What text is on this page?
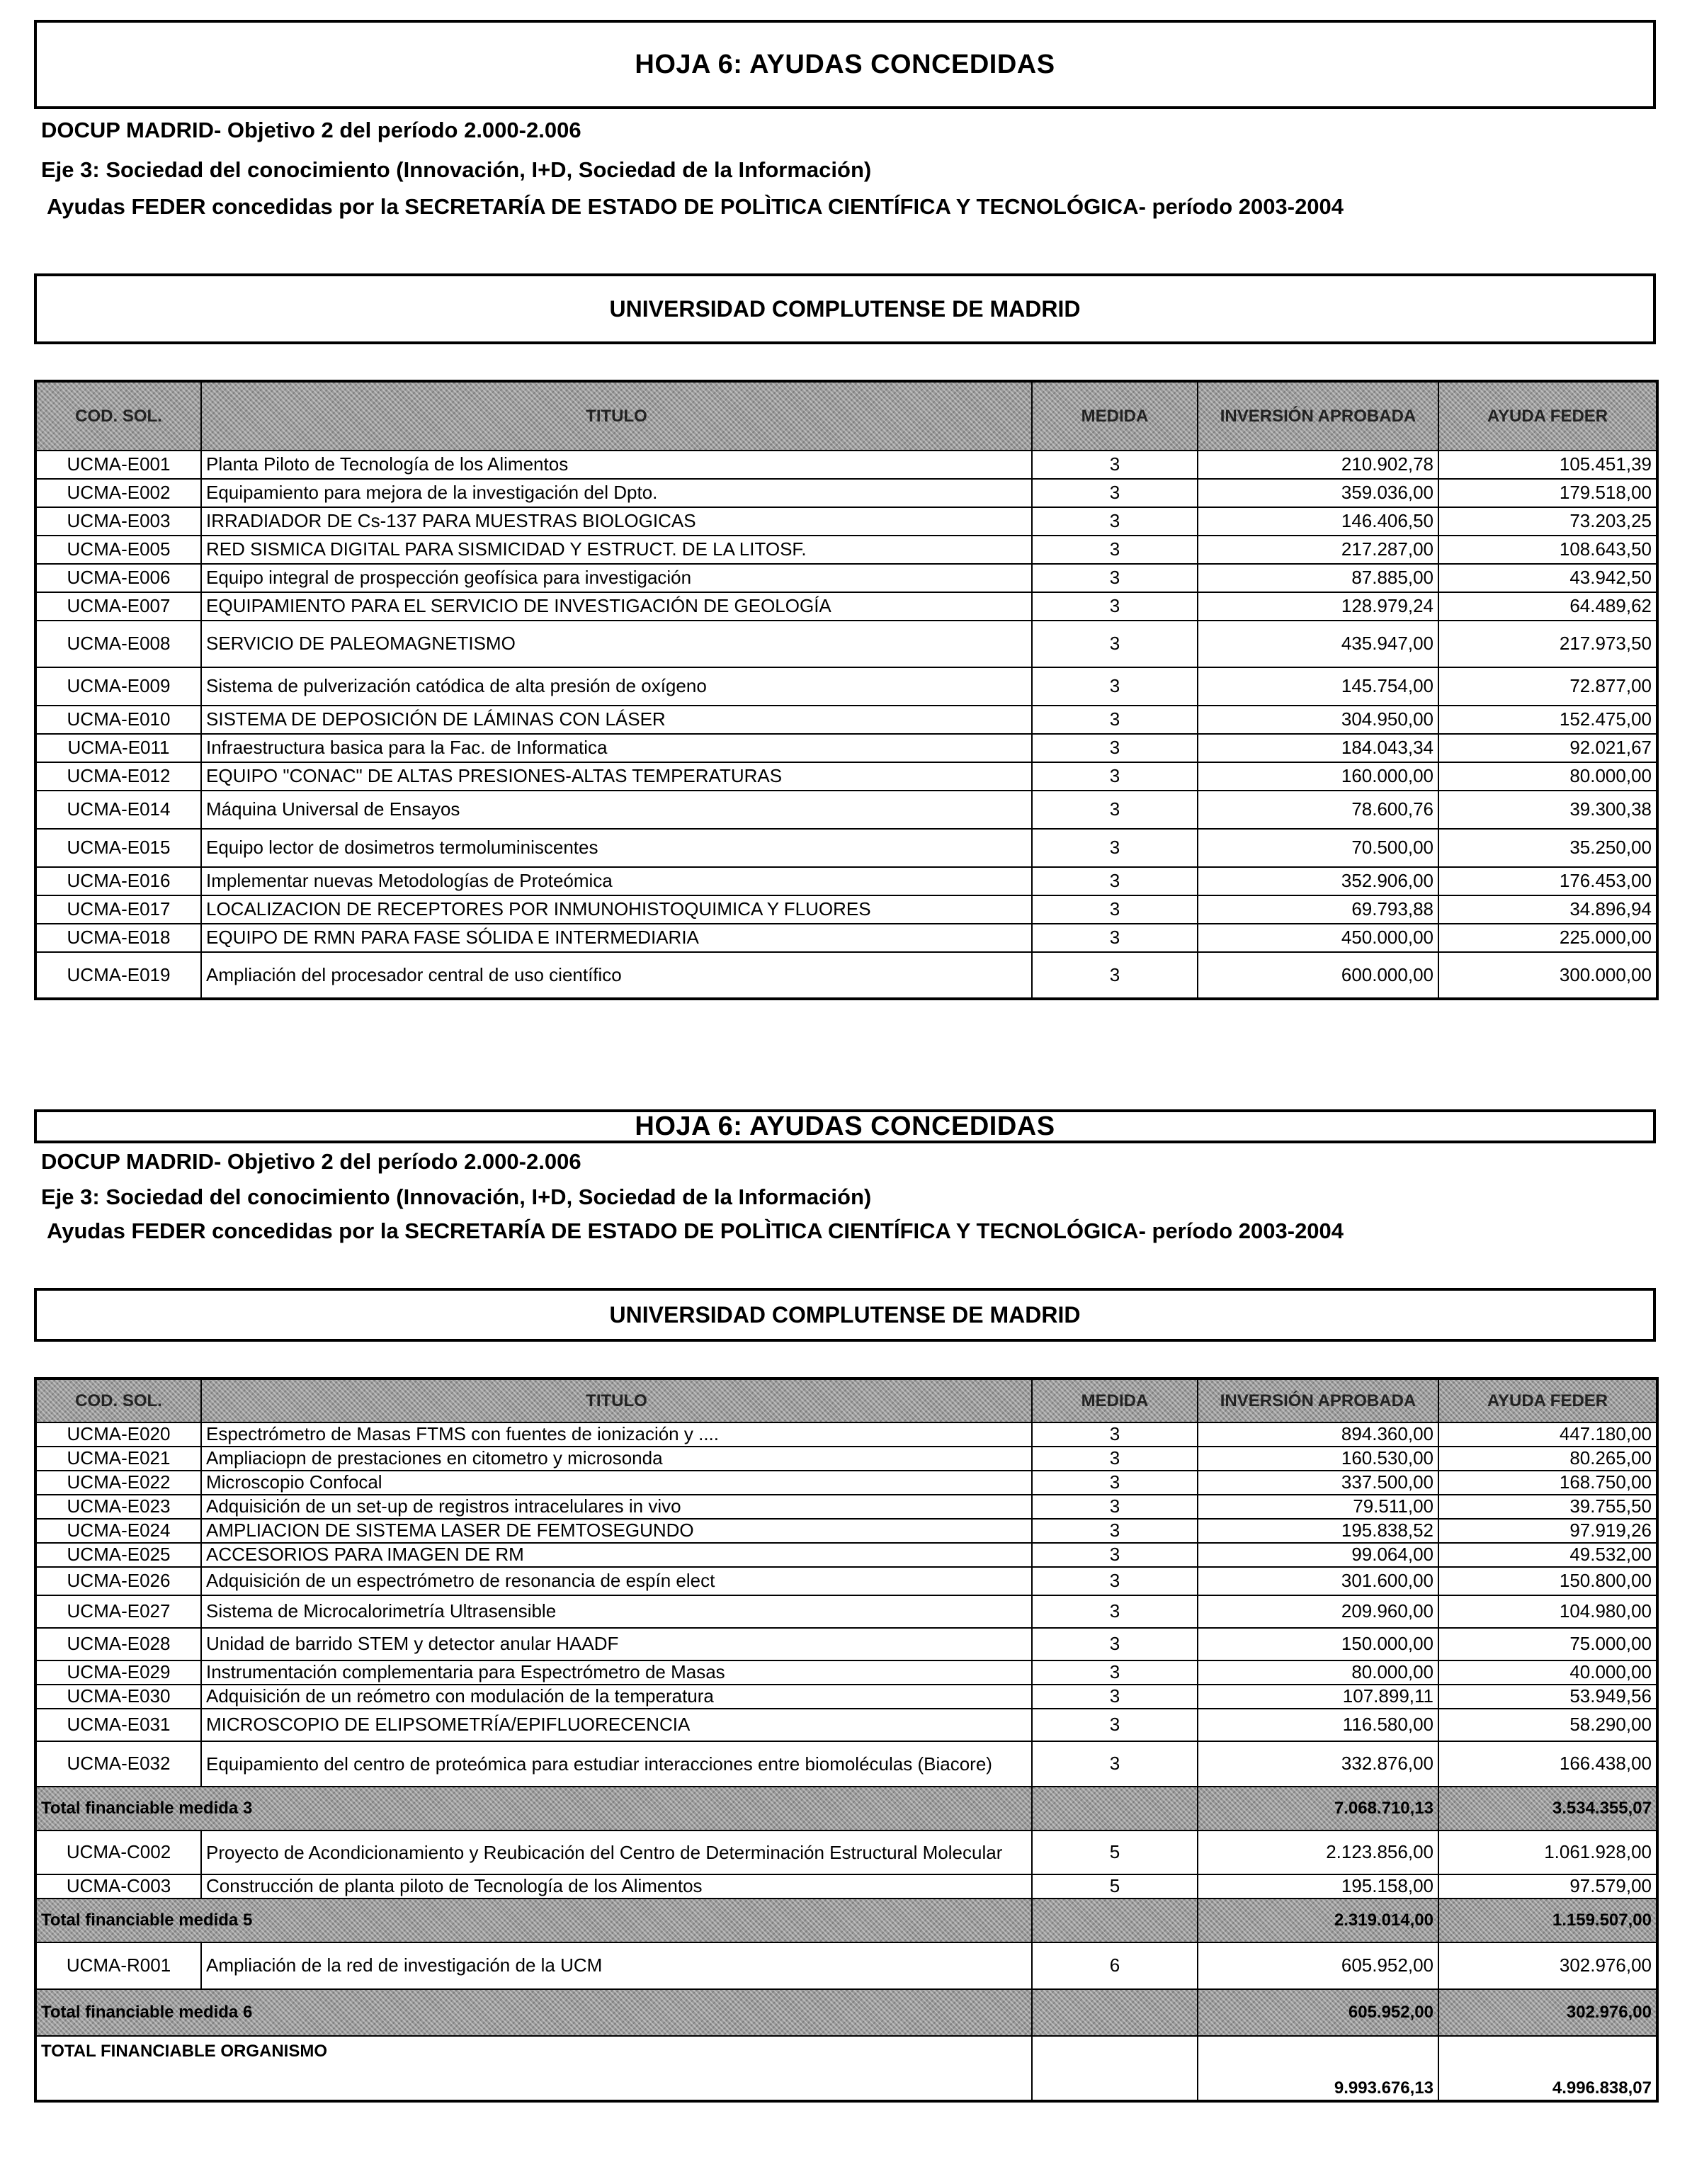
HOJA 6: AYUDAS CONCEDIDAS
DOCUP MADRID- Objetivo 2 del período 2.000-2.006
Eje 3: Sociedad del conocimiento (Innovación, I+D, Sociedad de la Información)
Ayudas FEDER concedidas por la SECRETARÍA DE ESTADO DE POLÌTICA CIENTÍFICA Y TECNOLÓGICA- período 2003-2004
UNIVERSIDAD COMPLUTENSE DE MADRID
COD. SOL.	TITULO	MEDIDA	INVERSIÓN APROBADA	AYUDA FEDER
UCMA-E001	Planta Piloto de Tecnología de los Alimentos	3	210.902,78	105.451,39
UCMA-E002	Equipamiento para mejora de la investigación del Dpto.	3	359.036,00	179.518,00
UCMA-E003	IRRADIADOR DE Cs-137 PARA MUESTRAS BIOLOGICAS	3	146.406,50	73.203,25
UCMA-E005	RED SISMICA DIGITAL PARA SISMICIDAD Y ESTRUCT. DE LA LITOSF.	3	217.287,00	108.643,50
UCMA-E006	Equipo integral de prospección geofísica para investigación	3	87.885,00	43.942,50
UCMA-E007	EQUIPAMIENTO PARA EL SERVICIO DE INVESTIGACIÓN DE GEOLOGÍA	3	128.979,24	64.489,62
UCMA-E008	SERVICIO DE PALEOMAGNETISMO	3	435.947,00	217.973,50
UCMA-E009	Sistema de pulverización catódica de alta presión de oxígeno	3	145.754,00	72.877,00
UCMA-E010	SISTEMA DE DEPOSICIÓN DE LÁMINAS CON LÁSER	3	304.950,00	152.475,00
UCMA-E011	Infraestructura basica para la Fac. de Informatica	3	184.043,34	92.021,67
UCMA-E012	EQUIPO "CONAC" DE ALTAS PRESIONES-ALTAS TEMPERATURAS	3	160.000,00	80.000,00
UCMA-E014	Máquina Universal de Ensayos	3	78.600,76	39.300,38
UCMA-E015	Equipo lector de dosimetros termoluminiscentes	3	70.500,00	35.250,00
UCMA-E016	Implementar nuevas Metodologías de Proteómica	3	352.906,00	176.453,00
UCMA-E017	LOCALIZACION DE RECEPTORES POR INMUNOHISTOQUIMICA Y FLUORES	3	69.793,88	34.896,94
UCMA-E018	EQUIPO DE RMN PARA FASE SÓLIDA E INTERMEDIARIA	3	450.000,00	225.000,00
UCMA-E019	Ampliación del procesador central de uso científico	3	600.000,00	300.000,00
HOJA 6: AYUDAS CONCEDIDAS
DOCUP MADRID- Objetivo 2 del período 2.000-2.006
Eje 3: Sociedad del conocimiento (Innovación, I+D, Sociedad de la Información)
Ayudas FEDER concedidas por la SECRETARÍA DE ESTADO DE POLÌTICA CIENTÍFICA Y TECNOLÓGICA- período 2003-2004
UNIVERSIDAD COMPLUTENSE DE MADRID
COD. SOL.	TITULO	MEDIDA	INVERSIÓN APROBADA	AYUDA FEDER
UCMA-E020	Espectrómetro de Masas FTMS con fuentes de ionización y ....	3	894.360,00	447.180,00
UCMA-E021	Ampliaciopn de prestaciones en citometro y microsonda	3	160.530,00	80.265,00
UCMA-E022	Microscopio Confocal	3	337.500,00	168.750,00
UCMA-E023	Adquisición de un set-up de registros intracelulares in vivo	3	79.511,00	39.755,50
UCMA-E024	AMPLIACION DE SISTEMA LASER DE FEMTOSEGUNDO	3	195.838,52	97.919,26
UCMA-E025	ACCESORIOS PARA IMAGEN DE RM	3	99.064,00	49.532,00
UCMA-E026	Adquisición de un espectrómetro de resonancia de espín elect	3	301.600,00	150.800,00
UCMA-E027	Sistema de Microcalorimetría Ultrasensible	3	209.960,00	104.980,00
UCMA-E028	Unidad de barrido STEM y detector anular HAADF	3	150.000,00	75.000,00
UCMA-E029	Instrumentación complementaria para Espectrómetro de Masas	3	80.000,00	40.000,00
UCMA-E030	Adquisición de un reómetro con modulación de la temperatura	3	107.899,11	53.949,56
UCMA-E031	MICROSCOPIO DE ELIPSOMETRÍA/EPIFLUORECENCIA	3	116.580,00	58.290,00
UCMA-E032	Equipamiento del centro de proteómica para estudiar interacciones entre biomoléculas (Biacore)	3	332.876,00	166.438,00
Total financiable medida 3			7.068.710,13	3.534.355,07
UCMA-C002	Proyecto de Acondicionamiento y Reubicación del Centro de Determinación Estructural Molecular	5	2.123.856,00	1.061.928,00
UCMA-C003	Construcción de planta piloto de Tecnología de los Alimentos	5	195.158,00	97.579,00
Total financiable medida 5			2.319.014,00	1.159.507,00
UCMA-R001	Ampliación de la red de investigación de la UCM	6	605.952,00	302.976,00
Total financiable medida 6			605.952,00	302.976,00
TOTAL FINANCIABLE ORGANISMO			9.993.676,13	4.996.838,07
